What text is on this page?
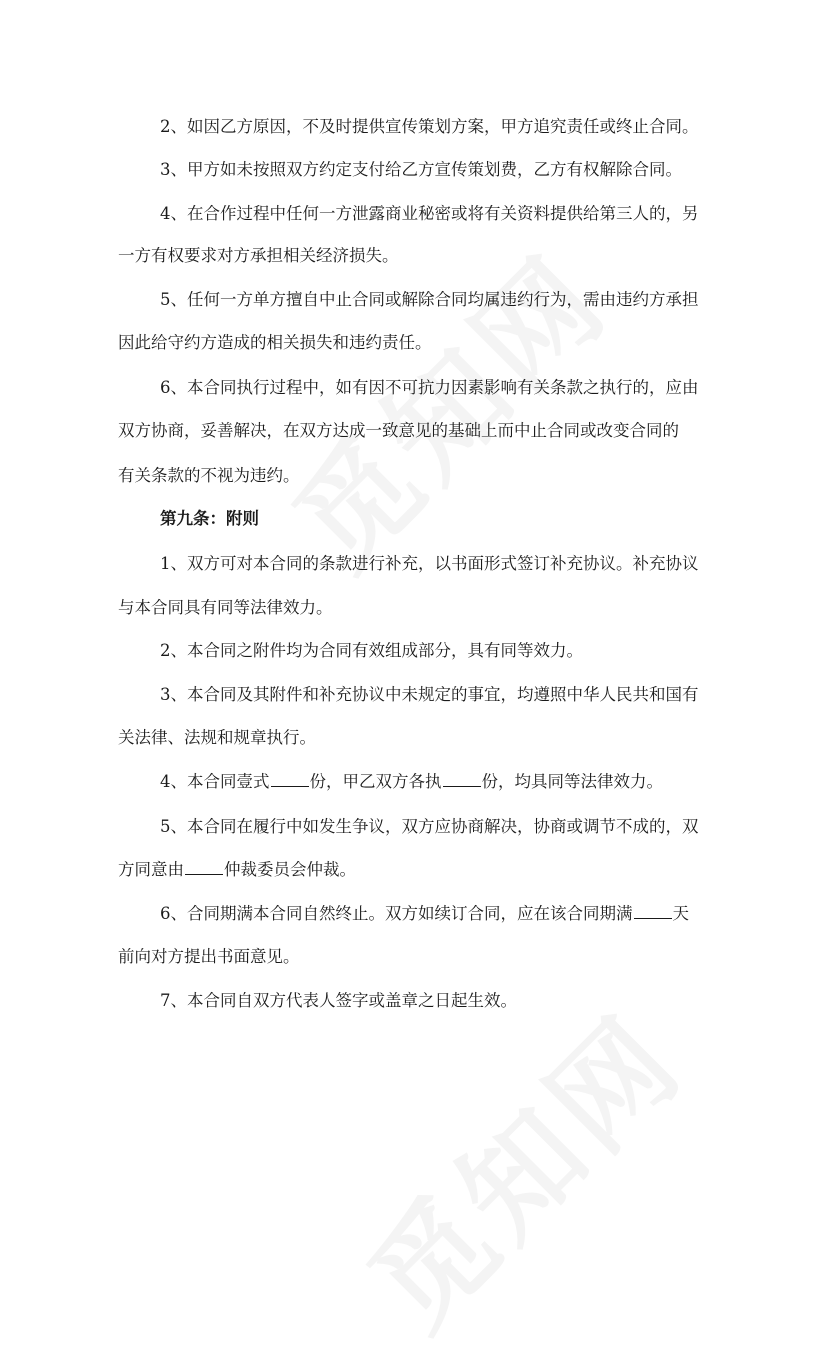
2、如因乙方原因，不及时提供宣传策划方案，甲方追究责任或终止合同。
3、甲方如未按照双方约定支付给乙方宣传策划费，乙方有权解除合同。
4、在合作过程中任何一方泄露商业秘密或将有关资料提供给第三人的，另
一方有权要求对方承担相关经济损失。
5、任何一方单方擅自中止合同或解除合同均属违约行为，需由违约方承担
因此给守约方造成的相关损失和违约责任。
6、本合同执行过程中，如有因不可抗力因素影响有关条款之执行的，应由
双方协商，妥善解决，在双方达成一致意见的基础上而中止合同或改变合同的
有关条款的不视为违约。
第九条：附则
1、双方可对本合同的条款进行补充，以书面形式签订补充协议。补充协议
与本合同具有同等法律效力。
2、本合同之附件均为合同有效组成部分，具有同等效力。
3、本合同及其附件和补充协议中未规定的事宜，均遵照中华人民共和国有
关法律、法规和规章执行。
4、本合同壹式 份，甲乙双方各执 份，均具同等法律效力。
5、本合同在履行中如发生争议，双方应协商解决，协商或调节不成的，双
方同意由 仲裁委员会仲裁。
6、合同期满本合同自然终止。双方如续订合同，应在该合同期满 天
前向对方提出书面意见。
7、本合同自双方代表人签字或盖章之日起生效。
